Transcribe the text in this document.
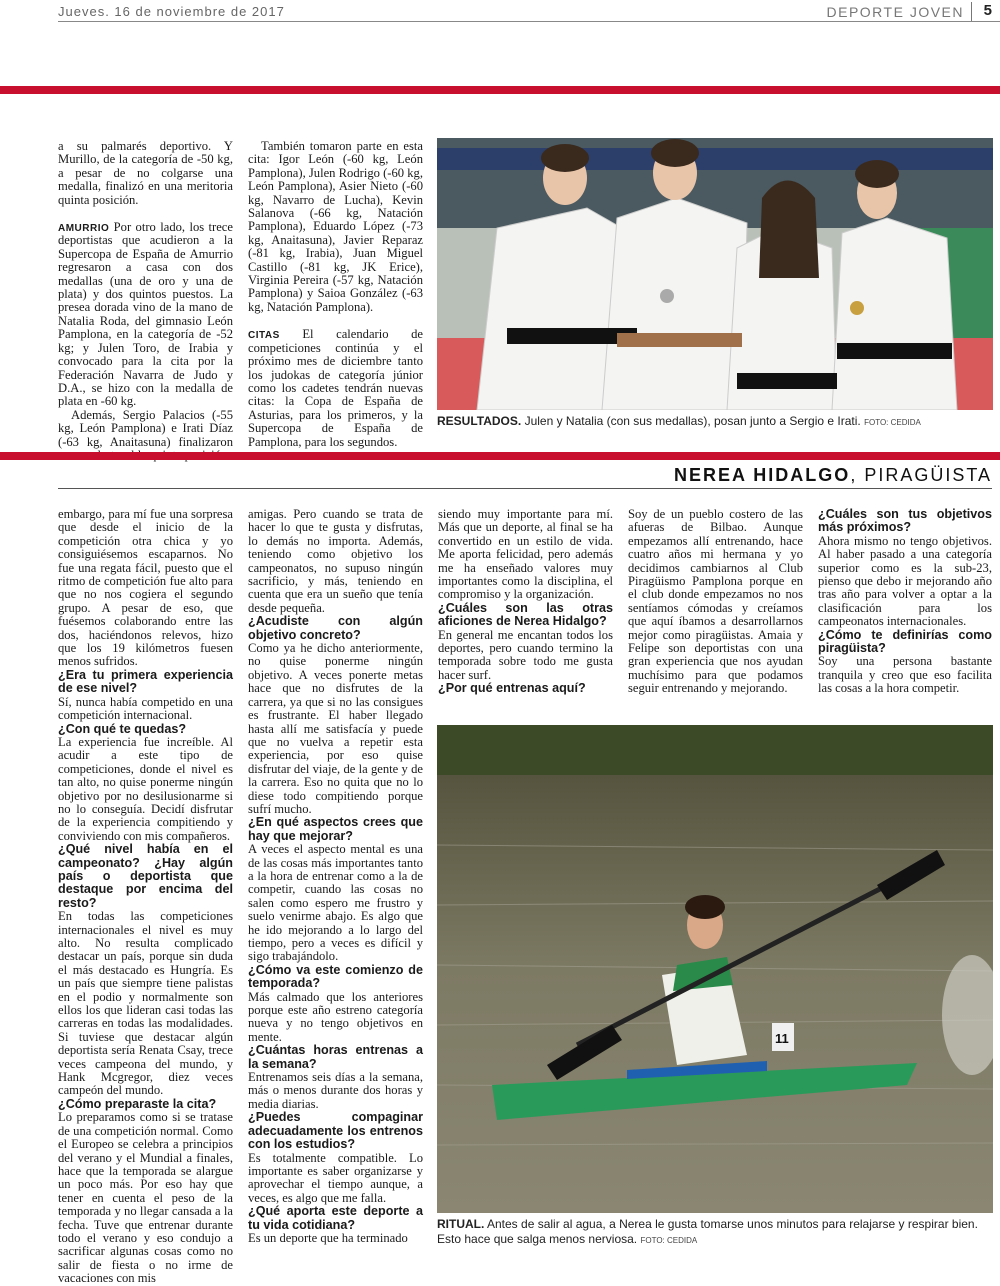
Jueves. 16 de noviembre de 2017	DEPORTE JOVEN 5

a su palmarés deportivo. Y Murillo, de la categoría de -50 kg, a pesar de no colgarse una medalla, finalizó en una meritoria quinta posición.

AMURRIO Por otro lado, los trece deportistas que acudieron a la Supercopa de España de Amurrio regresaron a casa con dos medallas (una de oro y una de plata) y dos quintos puestos. La presea dorada vino de la mano de Natalia Roda, del gimnasio León Pamplona, en la categoría de -52 kg; y Julen Toro, de Irabia y convocado para la cita por la Federación Navarra de Judo y D.A., se hizo con la medalla de plata en -60 kg.

Además, Sergio Palacios (-55 kg, León Pamplona) e Irati Díaz (-63 kg, Anaitasuna) finalizaron

También tomaron parte en esta cita: Igor León (-60 kg, León Pamplona), Julen Rodrigo (-60 kg, León Pamplona), Asier Nieto (-60 kg, Navarro de Lucha), Kevin Salanova (-66 kg, Natación Pamplona), Eduardo López (-73 kg, Anaitasuna), Javier Reparaz (-81 kg, Irabia), Juan Miguel Castillo (-81 kg, JK Erice), Virginia Pereira (-57 kg, Natación Pamplona) y Saioa González (-63 kg, Natación Pamplona).

CITAS El calendario de competiciones continúa y el próximo mes de diciembre tanto los judokas de categoría júnior como los cadetes tendrán nuevas citas: la Copa de España de Asturias, para los primeros, y la Supercopa de España de Pamplona, para los segundos.

RESULTADOS. Julen y Natalia (con sus medallas), posan junto a Sergio e Irati. FOTO: CEDIDA
NEREA HIDALGO, PIRAGÜISTA

embargo, para mí fue una sorpresa que desde el inicio de la competición otra chica y yo consiguiésemos escaparnos. No fue una regata fácil, puesto que el ritmo de competición fue alto para que no nos cogiera el segundo grupo. A pesar de eso, que fuésemos colaborando entre las dos, haciéndonos relevos, hizo que los 19 kilómetros fuesen menos sufridos.

¿Era tu primera experiencia de ese nivel?

Sí, nunca había competido en una competición internacional.

¿Con qué te quedas?

La experiencia fue increíble. Al acudir a este tipo de competiciones, donde el nivel es tan alto, no quise ponerme ningún objetivo por no desilusionarme si no lo conseguía. Decidí disfrutar de la experiencia compitiendo y conviviendo con mis compañeros.

¿Qué nivel había en el campeonato? ¿Hay algún país o deportista que destaque por encima del resto?

En todas las competiciones internacionales el nivel es muy alto. No resulta complicado destacar un país, porque sin duda el más destacado es Hungría. Es un país que siempre tiene palistas en el podio y normalmente son ellos los que lideran casi todas las carreras en todas las modalidades. Si tuviese que destacar algún deportista sería Renata Csay, trece veces campeona del mundo, y Hank Mcgregor, diez veces campeón del mundo.

¿Cómo preparaste la cita?

Lo preparamos como si se tratase de una competición normal. Como el Europeo se celebra a principios del verano y el Mundial a finales, hace que la temporada se alargue un poco más. Por eso hay que tener en cuenta el peso de la temporada y no llegar cansada a la fecha. Tuve que entrenar durante todo el verano y eso condujo a sacrificar algunas cosas como no salir de fiesta o no irme de vacaciones con mis

amigas. Pero cuando se trata de hacer lo que te gusta y disfrutas, lo demás no importa. Además, teniendo como objetivo los campeonatos, no supuso ningún sacrificio, y más, teniendo en cuenta que era un sueño que tenía desde pequeña.

¿Acudiste con algún objetivo concreto?

Como ya he dicho anteriormente, no quise ponerme ningún objetivo. A veces ponerte metas hace que no disfrutes de la carrera, ya que si no las consigues es frustrante. El haber llegado hasta allí me satisfacía y puede que no vuelva a repetir esta experiencia, por eso quise disfrutar del viaje, de la gente y de la carrera. Eso no quita que no lo diese todo compitiendo porque sufrí mucho.

¿En qué aspectos crees que hay que mejorar?

A veces el aspecto mental es una de las cosas más importantes tanto a la hora de entrenar como a la de competir, cuando las cosas no salen como espero me frustro y suelo venirme abajo. Es algo que he ido mejorando a lo largo del tiempo, pero a veces es difícil y sigo trabajándolo.

¿Cómo va este comienzo de temporada?

Más calmado que los anteriores porque este año estreno categoría nueva y no tengo objetivos en mente.

¿Cuántas horas entrenas a la semana?

Entrenamos seis días a la semana, más o menos durante dos horas y media diarias.

¿Puedes compaginar adecuadamente los entrenos con los estudios?

Es totalmente compatible. Lo importante es saber organizarse y aprovechar el tiempo aunque, a veces, es algo que me falla.

¿Qué aporta este deporte a tu vida cotidiana?

Es un deporte que ha terminado

siendo muy importante para mí. Más que un deporte, al final se ha convertido en un estilo de vida. Me aporta felicidad, pero además me ha enseñado valores muy importantes como la disciplina, el compromiso y la organización.

¿Cuáles son las otras aficiones de Nerea Hidalgo?

En general me encantan todos los deportes, pero cuando termino la temporada sobre todo me gusta hacer surf.

¿Por qué entrenas aquí?

Soy de un pueblo costero de las afueras de Bilbao. Aunque empezamos allí entrenando, hace cuatro años mi hermana y yo decidimos cambiarnos al Club Piragüismo Pamplona porque en el club donde empezamos no nos sentíamos cómodas y creíamos que aquí íbamos a desarrollarnos mejor como piragüistas. Amaia y Felipe son deportistas con una gran experiencia que nos ayudan muchísimo para que podamos seguir entrenando y mejorando.

¿Cuáles son tus objetivos más próximos?

Ahora mismo no tengo objetivos. Al haber pasado a una categoría superior como es la sub-23, pienso que debo ir mejorando año tras año para volver a optar a la clasificación para los campeonatos internacionales.

¿Cómo te definirías como piragüista?

Soy una persona bastante tranquila y creo que eso facilita las cosas a la hora competir.

11
RITUAL. Antes de salir al agua, a Nerea le gusta tomarse unos minutos para relajarse y respirar bien. Esto hace que salga menos nerviosa. FOTO: CEDIDA
